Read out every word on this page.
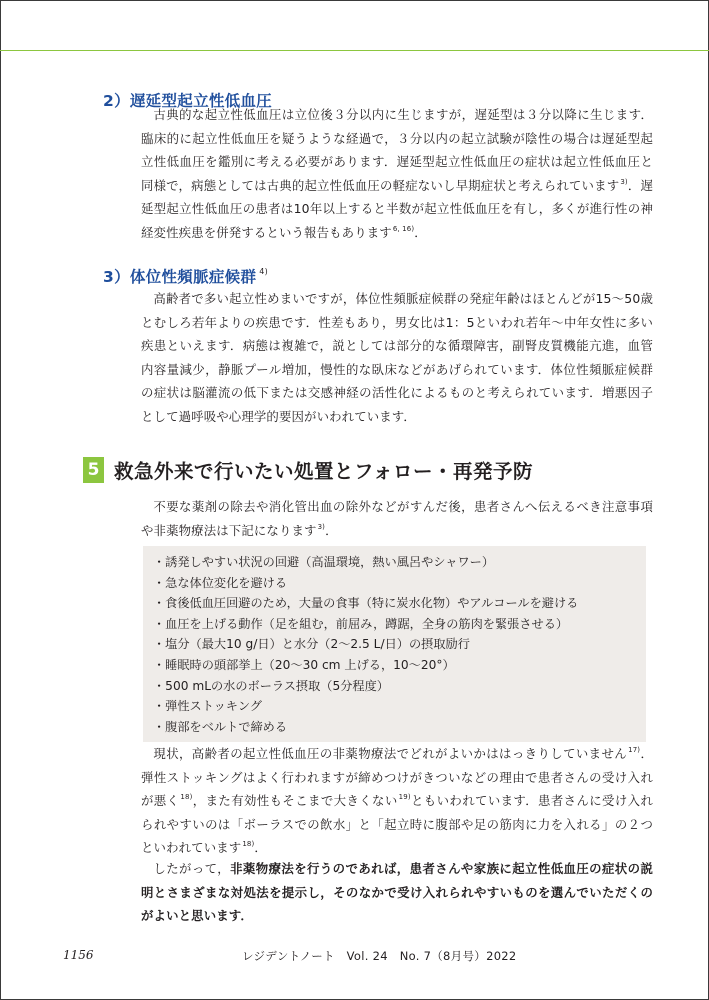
2）遅延型起立性低血圧

古典的な起立性低血圧は立位後３分以内に生じますが，遅延型は３分以降に生じます．臨床的に起立性低血圧を疑うような経過で，３分以内の起立試験が陰性の場合は遅延型起立性低血圧を鑑別に考える必要があります．遅延型起立性低血圧の症状は起立性低血圧と同様で，病態としては古典的起立性低血圧の軽症ないし早期症状と考えられています$^{3)}$．遅延型起立性低血圧の患者は10年以上すると半数が起立性低血圧を有し，多くが進行性の神経変性疾患を併発するという報告もあります$^{6, 16)}$．

3）体位性頻脈症候群 $^{4)}$

高齢者で多い起立性めまいですが，体位性頻脈症候群の発症年齢はほとんどが15〜50歳とむしろ若年よりの疾患です．性差もあり，男女比は1：5といわれ若年〜中年女性に多い疾患といえます．病態は複雑で，説としては部分的な循環障害，副腎皮質機能亢進，血管内容量減少，静脈プール増加，慢性的な臥床などがあげられています．体位性頻脈症候群の症状は脳灌流の低下または交感神経の活性化によるものと考えられています．増悪因子として過呼吸や心理学的要因がいわれています．

5 救急外来で行いたい処置とフォロー・再発予防

不要な薬剤の除去や消化管出血の除外などがすんだ後，患者さんへ伝えるべき注意事項や非薬物療法は下記になります$^{3)}$．

・誘発しやすい状況の回避（高温環境，熱い風呂やシャワー）
・急な体位変化を避ける
・食後低血圧回避のため，大量の食事（特に炭水化物）やアルコールを避ける
・血圧を上げる動作（足を組む，前屈み，蹲踞，全身の筋肉を緊張させる）
・塩分（最大10 g/日）と水分（2〜2.5 L/日）の摂取励行
・睡眠時の頭部挙上（20〜30 cm 上げる，10〜20°）
・500 mLの水のボーラス摂取（5分程度）
・弾性ストッキング
・腹部をベルトで締める

現状，高齢者の起立性低血圧の非薬物療法でどれがよいかははっきりしていません$^{17)}$．弾性ストッキングはよく行われますが締めつけがきついなどの理由で患者さんの受け入れが悪く$^{18)}$，また有効性もそこまで大きくない$^{19)}$ともいわれています．患者さんに受け入れられやすいのは「ボーラスでの飲水」と「起立時に腹部や足の筋肉に力を入れる」の２つといわれています$^{18)}$．

したがって，非薬物療法を行うのであれば，患者さんや家族に起立性低血圧の症状の説明とさまざまな対処法を提示し，そのなかで受け入れられやすいものを選んでいただくのがよいと思います．

1156	レジデントノート　Vol. 24　No. 7（8月号）2022
